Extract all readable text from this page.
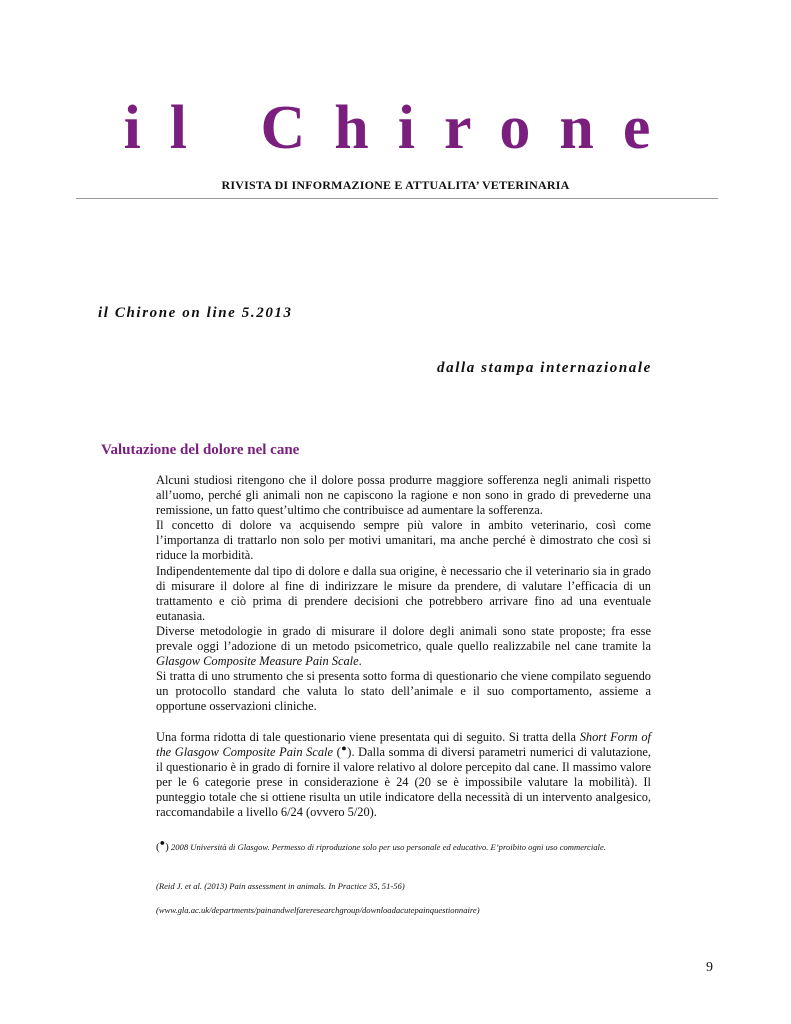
il Chirone
RIVISTA DI INFORMAZIONE E ATTUALITA’ VETERINARIA
il Chirone on line 5.2013
dalla stampa internazionale
Valutazione del dolore nel cane

Alcuni studiosi ritengono che il dolore possa produrre maggiore sofferenza negli animali rispetto all’uomo, perché gli animali non ne capiscono la ragione e non sono in grado di prevederne una remissione, un fatto quest’ultimo che contribuisce ad aumentare la sofferenza.

Il concetto di dolore va acquisendo sempre più valore in ambito veterinario, così come l’importanza di trattarlo non solo per motivi umanitari, ma anche perché è dimostrato che così si riduce la morbidità.

Indipendentemente dal tipo di dolore e dalla sua origine, è necessario che il veterinario sia in grado di misurare il dolore al fine di indirizzare le misure da prendere, di valutare l’efficacia di un trattamento e ciò prima di prendere decisioni che potrebbero arrivare fino ad una eventuale eutanasia.

Diverse metodologie in grado di misurare il dolore degli animali sono state proposte; fra esse prevale oggi l’adozione di un metodo psicometrico, quale quello realizzabile nel cane tramite la Glasgow Composite Measure Pain Scale.

Si tratta di uno strumento che si presenta sotto forma di questionario che viene compilato seguendo un protocollo standard che valuta lo stato dell’animale e il suo comportamento, assieme a opportune osservazioni cliniche.

Una forma ridotta di tale questionario viene presentata qui di seguito. Si tratta della Short Form of the Glasgow Composite Pain Scale (●). Dalla somma di diversi parametri numerici di valutazione, il questionario è in grado di fornire il valore relativo al dolore percepito dal cane. Il massimo valore per le 6 categorie prese in considerazione è 24 (20 se è impossibile valutare la mobilità). Il punteggio totale che si ottiene risulta un utile indicatore della necessità di un intervento analgesico, raccomandabile a livello 6/24 (ovvero 5/20).

(●) 2008 Università di Glasgow. Permesso di riproduzione solo per uso personale ed educativo. E’proibito ogni uso commerciale.
(Reid J. et al. (2013) Pain assessment in animals. In Practice 35, 51-56)
(www.gla.ac.uk/departments/painandwelfareresearchgroup/downloadacutepainquestionnaire)
9
